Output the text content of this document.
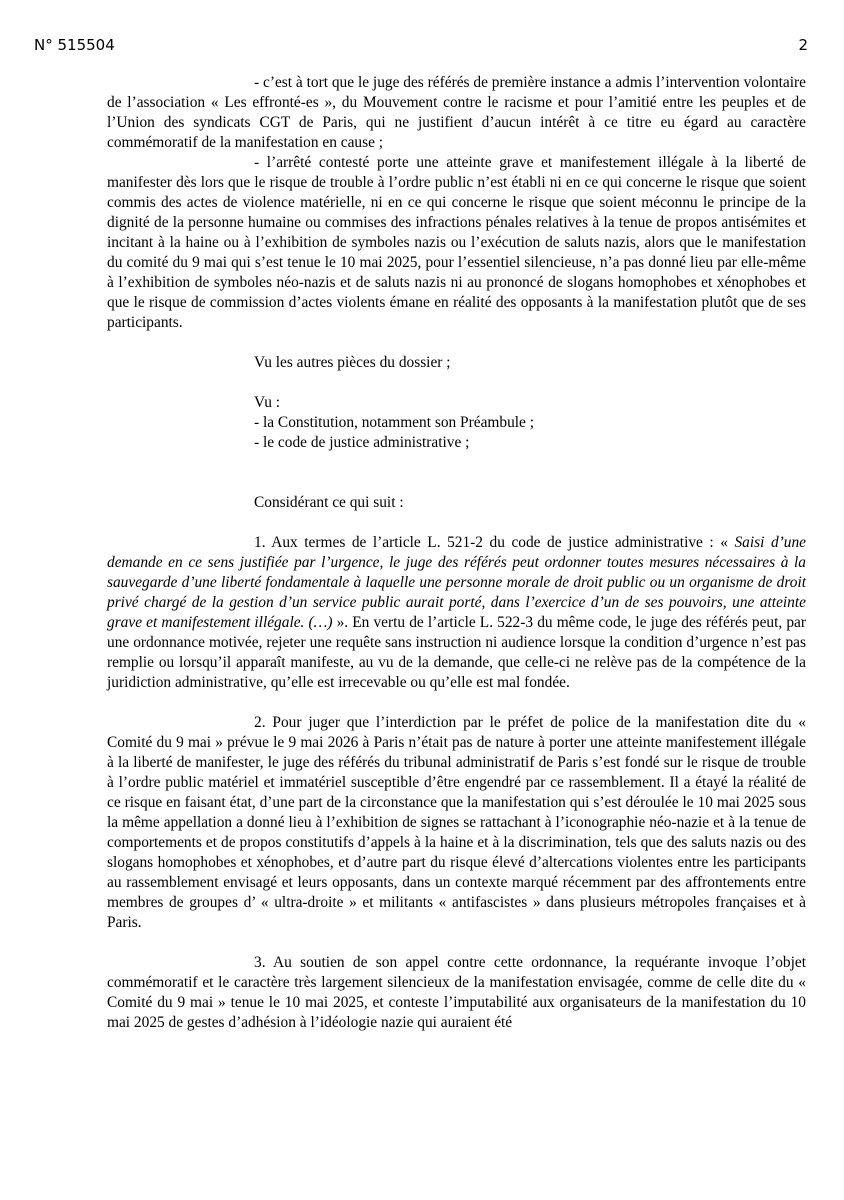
N° 515504	2

- c’est à tort que le juge des référés de première instance a admis l’intervention volontaire de l’association « Les effronté-es », du Mouvement contre le racisme et pour l’amitié entre les peuples et de l’Union des syndicats CGT de Paris, qui ne justifient d’aucun intérêt à ce titre eu égard au caractère commémoratif de la manifestation en cause ;

- l’arrêté contesté porte une atteinte grave et manifestement illégale à la liberté de manifester dès lors que le risque de trouble à l’ordre public n’est établi ni en ce qui concerne le risque que soient commis des actes de violence matérielle, ni en ce qui concerne le risque que soient méconnu le principe de la dignité de la personne humaine ou commises des infractions pénales relatives à la tenue de propos antisémites et incitant à la haine ou à l’exhibition de symboles nazis ou l’exécution de saluts nazis, alors que le manifestation du comité du 9 mai qui s’est tenue le 10 mai 2025, pour l’essentiel silencieuse, n’a pas donné lieu par elle-même à l’exhibition de symboles néo-nazis et de saluts nazis ni au prononcé de slogans homophobes et xénophobes et que le risque de commission d’actes violents émane en réalité des opposants à la manifestation plutôt que de ses participants.

Vu les autres pièces du dossier ;

Vu :

- la Constitution, notamment son Préambule ;

- le code de justice administrative ;

Considérant ce qui suit :

1. Aux termes de l’article L. 521-2 du code de justice administrative : « Saisi d’une demande en ce sens justifiée par l’urgence, le juge des référés peut ordonner toutes mesures nécessaires à la sauvegarde d’une liberté fondamentale à laquelle une personne morale de droit public ou un organisme de droit privé chargé de la gestion d’un service public aurait porté, dans l’exercice d’un de ses pouvoirs, une atteinte grave et manifestement illégale. (…) ». En vertu de l’article L. 522-3 du même code, le juge des référés peut, par une ordonnance motivée, rejeter une requête sans instruction ni audience lorsque la condition d’urgence n’est pas remplie ou lorsqu’il apparaît manifeste, au vu de la demande, que celle-ci ne relève pas de la compétence de la juridiction administrative, qu’elle est irrecevable ou qu’elle est mal fondée.

2. Pour juger que l’interdiction par le préfet de police de la manifestation dite du « Comité du 9 mai » prévue le 9 mai 2026 à Paris n’était pas de nature à porter une atteinte manifestement illégale à la liberté de manifester, le juge des référés du tribunal administratif de Paris s’est fondé sur le risque de trouble à l’ordre public matériel et immatériel susceptible d’être engendré par ce rassemblement. Il a étayé la réalité de ce risque en faisant état, d’une part de la circonstance que la manifestation qui s’est déroulée le 10 mai 2025 sous la même appellation a donné lieu à l’exhibition de signes se rattachant à l’iconographie néo-nazie et à la tenue de comportements et de propos constitutifs d’appels à la haine et à la discrimination, tels que des saluts nazis ou des slogans homophobes et xénophobes, et d’autre part du risque élevé d’altercations violentes entre les participants au rassemblement envisagé et leurs opposants, dans un contexte marqué récemment par des affrontements entre membres de groupes d’ « ultra-droite » et militants « antifascistes » dans plusieurs métropoles françaises et à Paris.

3. Au soutien de son appel contre cette ordonnance, la requérante invoque l’objet commémoratif et le caractère très largement silencieux de la manifestation envisagée, comme de celle dite du « Comité du 9 mai » tenue le 10 mai 2025, et conteste l’imputabilité aux organisateurs de la manifestation du 10 mai 2025 de gestes d’adhésion à l’idéologie nazie qui auraient été
